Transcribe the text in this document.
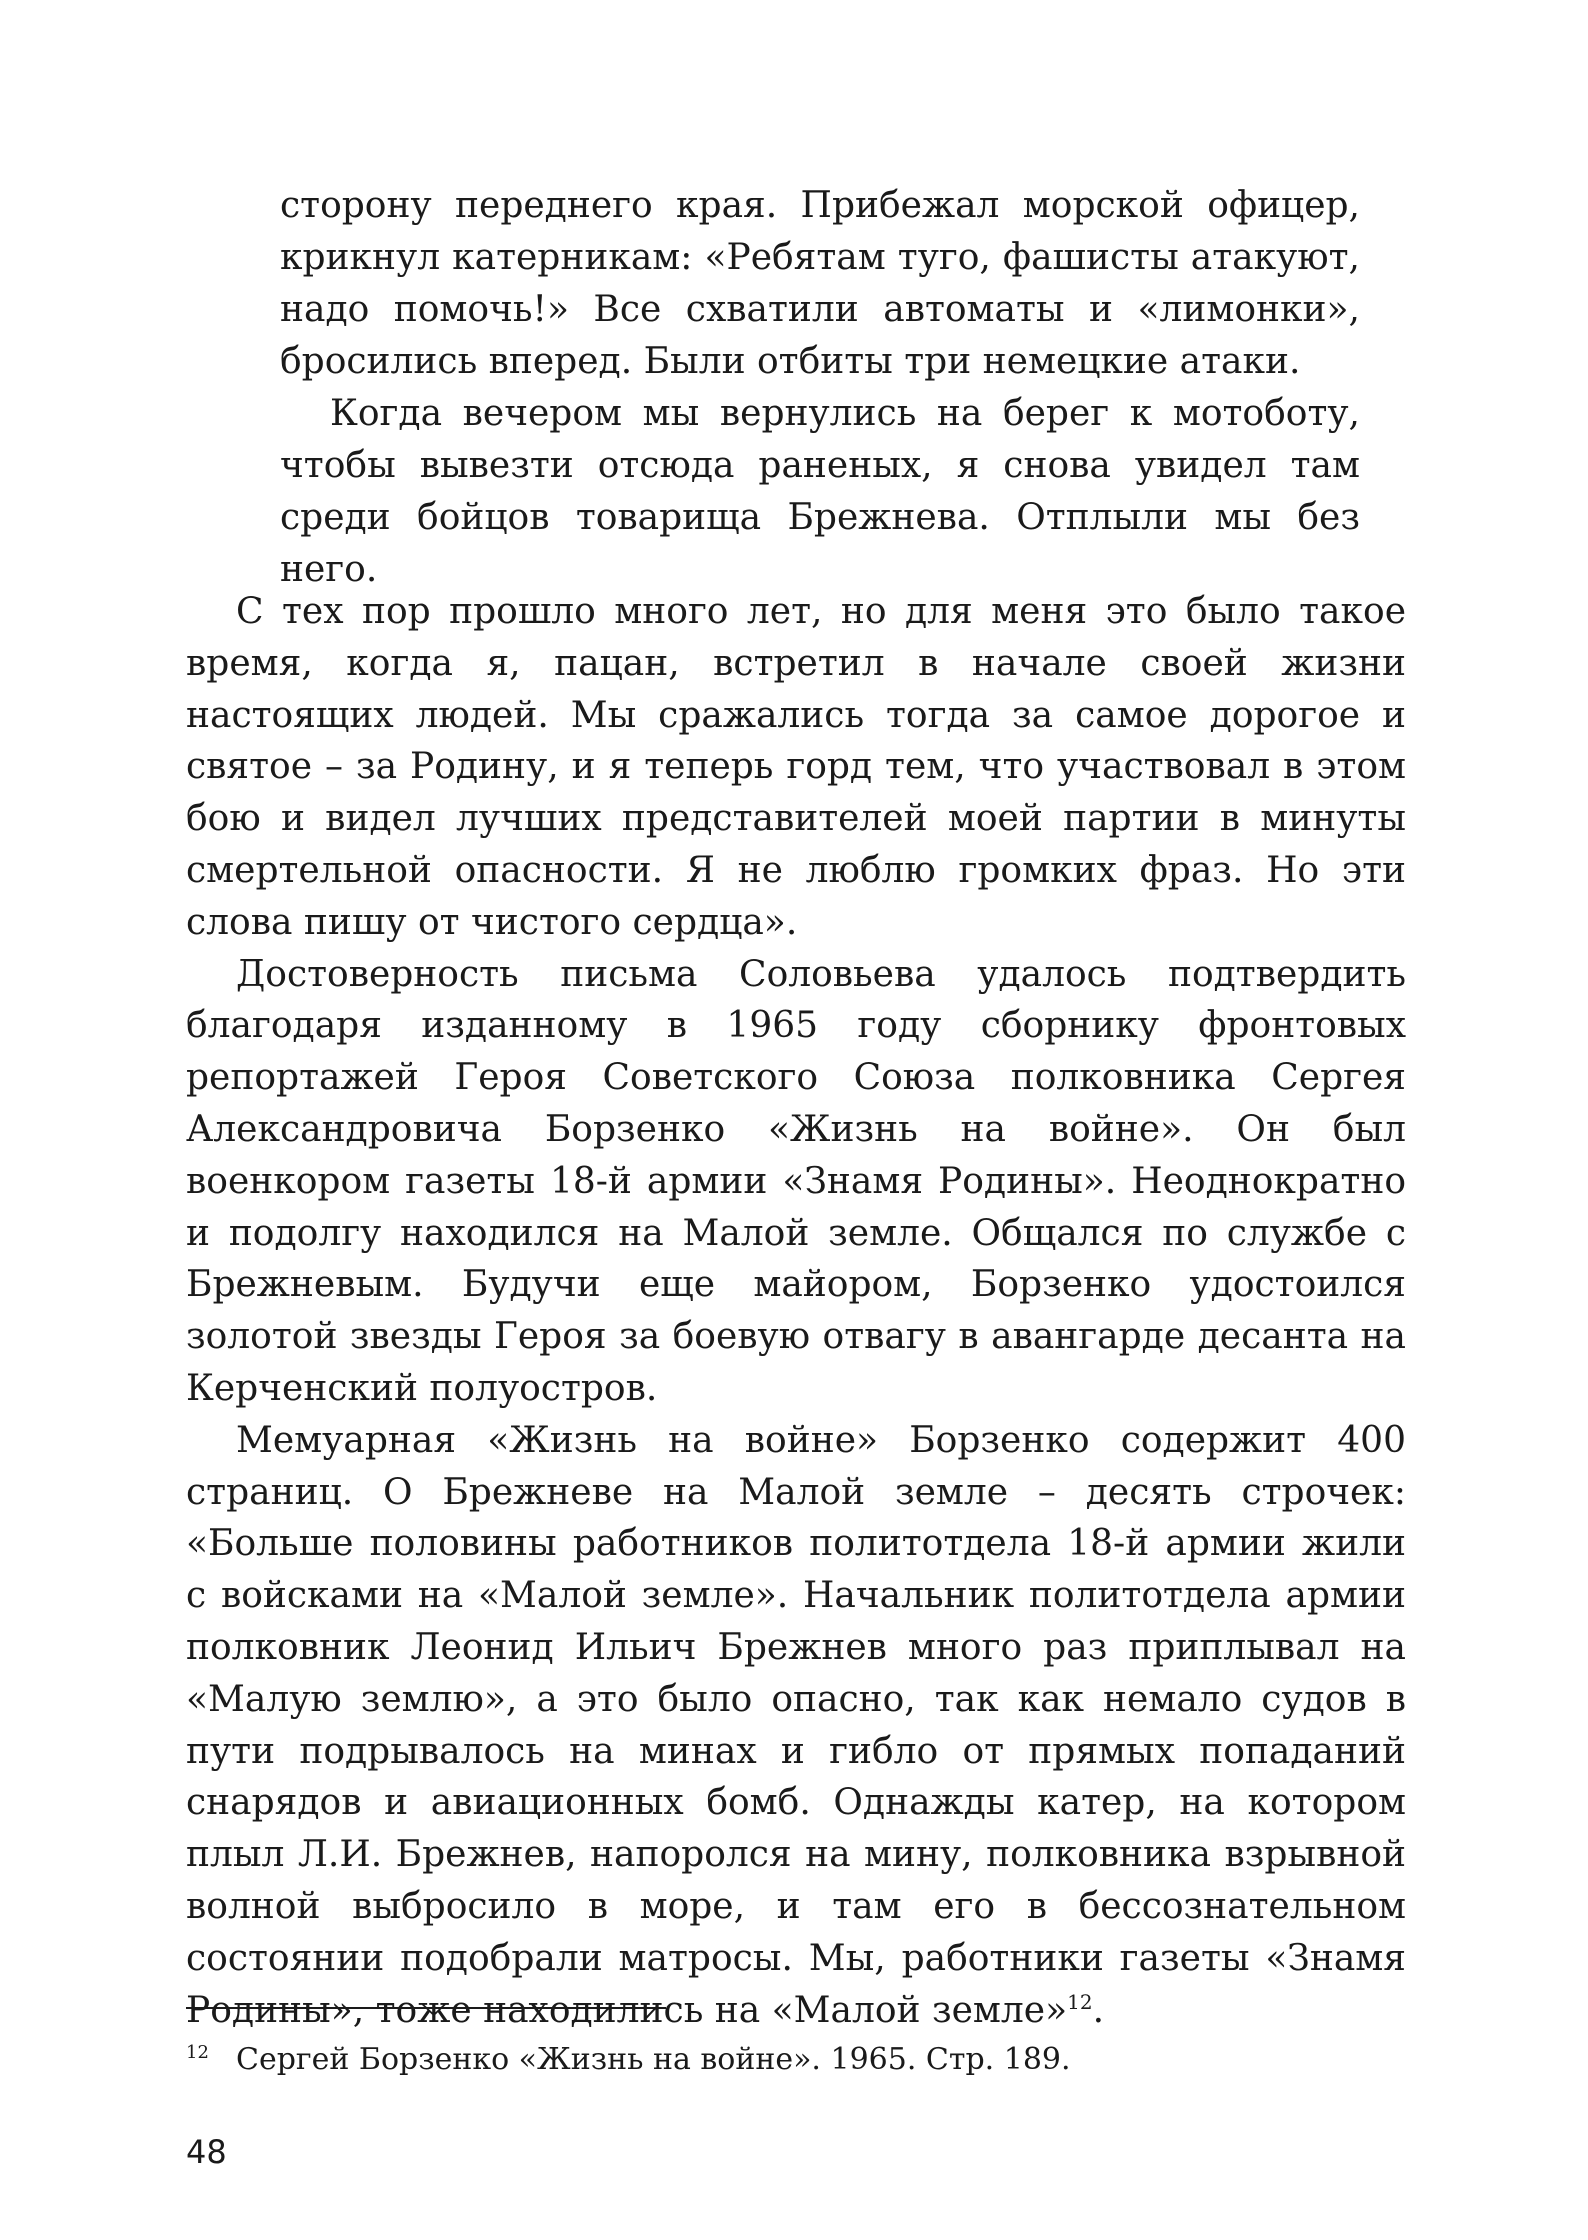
сторону переднего края. Прибежал морской офицер, крикнул катерникам: «Ребятам туго, фашисты атакуют, надо помочь!» Все схватили автоматы и «лимонки», бросились вперед. Были отбиты три немецкие атаки.

Когда вечером мы вернулись на берег к мотоботу, чтобы вывезти отсюда раненых, я снова увидел там среди бойцов товарища Брежнева. Отплыли мы без него.

С тех пор прошло много лет, но для меня это было такое время, когда я, пацан, встретил в начале своей жизни настоящих людей. Мы сражались тогда за самое дорогое и святое – за Родину, и я теперь горд тем, что участвовал в этом бою и видел лучших представителей моей партии в минуты смертельной опасности. Я не люблю громких фраз. Но эти слова пишу от чистого сердца».

Достоверность письма Соловьева удалось подтвердить благодаря изданному в 1965 году сборнику фронтовых репортажей Героя Советского Союза полковника Сергея Александровича Борзенко «Жизнь на войне». Он был военкором газеты 18-й армии «Знамя Родины». Неоднократно и подолгу находился на Малой земле. Общался по службе с Брежневым. Будучи еще майором, Борзенко удостоился золотой звезды Героя за боевую отвагу в авангарде десанта на Керченский полуостров.

Мемуарная «Жизнь на войне» Борзенко содержит 400 страниц. О Брежневе на Малой земле – десять строчек: «Больше половины работников политотдела 18-й армии жили с войсками на «Малой земле». Начальник политотдела армии полковник Леонид Ильич Брежнев много раз приплывал на «Малую землю», а это было опасно, так как немало судов в пути подрывалось на минах и гибло от прямых попаданий снарядов и авиационных бомб. Однажды катер, на котором плыл Л.И. Брежнев, напоролся на мину, полковника взрывной волной выбросило в море, и там его в бессознательном состоянии подобрали матросы. Мы, работники газеты «Знамя Родины», тоже находились на «Малой земле»$^{12}$.

12 Сергей Борзенко «Жизнь на войне». 1965. Стр. 189.
48
